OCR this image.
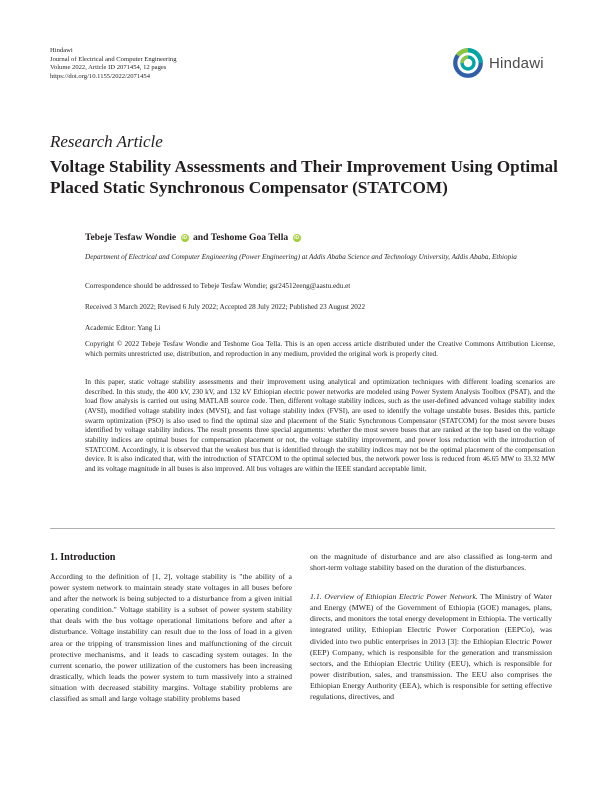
Hindawi
Journal of Electrical and Computer Engineering
Volume 2022, Article ID 2071454, 12 pages
https://doi.org/10.1155/2022/2071454
Hindawi
Research Article
Voltage Stability Assessments and Their Improvement Using Optimal Placed Static Synchronous Compensator (STATCOM)
Tebeje Tesfaw Wondie iD and Teshome Goa Tella iD
Department of Electrical and Computer Engineering (Power Engineering) at Addis Ababa Science and Technology University, Addis Ababa, Ethiopia
Correspondence should be addressed to Tebeje Tesfaw Wondie; gsr24512eeng@aastu.edu.et
Received 3 March 2022; Revised 6 July 2022; Accepted 28 July 2022; Published 23 August 2022
Academic Editor: Yang Li
Copyright © 2022 Tebeje Tesfaw Wondie and Teshome Goa Tella. This is an open access article distributed under the Creative Commons Attribution License, which permits unrestricted use, distribution, and reproduction in any medium, provided the original work is properly cited.
In this paper, static voltage stability assessments and their improvement using analytical and optimization techniques with different loading scenarios are described. In this study, the 400 kV, 230 kV, and 132 kV Ethiopian electric power networks are modeled using Power System Analysis Toolbox (PSAT), and the load flow analysis is carried out using MATLAB source code. Then, different voltage stability indices, such as the user-defined advanced voltage stability index (AVSI), modified voltage stability index (MVSI), and fast voltage stability index (FVSI), are used to identify the voltage unstable buses. Besides this, particle swarm optimization (PSO) is also used to find the optimal size and placement of the Static Synchronous Compensator (STATCOM) for the most severe buses identified by voltage stability indices. The result presents three special arguments: whether the most severe buses that are ranked at the top based on the voltage stability indices are optimal buses for compensation placement or not, the voltage stability improvement, and power loss reduction with the introduction of STATCOM. Accordingly, it is observed that the weakest bus that is identified through the stability indices may not be the optimal placement of the compensation device. It is also indicated that, with the introduction of STATCOM to the optimal selected bus, the network power loss is reduced from 46.65 MW to 33.32 MW and its voltage magnitude in all buses is also improved. All bus voltages are within the IEEE standard acceptable limit.
1. Introduction

According to the definition of [1, 2], voltage stability is "the ability of a power system network to maintain steady state voltages in all buses before and after the network is being subjected to a disturbance from a given initial operating condition." Voltage stability is a subset of power system stability that deals with the bus voltage operational limitations before and after a disturbance. Voltage instability can result due to the loss of load in a given area or the tripping of transmission lines and malfunctioning of the circuit protective mechanisms, and it leads to cascading system outages. In the current scenario, the power utilization of the customers has been increasing drastically, which leads the power system to turn massively into a strained situation with decreased stability margins. Voltage stability problems are classified as small and large voltage stability problems based

on the magnitude of disturbance and are also classified as long-term and short-term voltage stability based on the duration of the disturbances.

1.1. Overview of Ethiopian Electric Power Network. The Ministry of Water and Energy (MWE) of the Government of Ethiopia (GOE) manages, plans, directs, and monitors the total energy development in Ethiopia. The vertically integrated utility, Ethiopian Electric Power Corporation (EEPCo), was divided into two public enterprises in 2013 [3]: the Ethiopian Electric Power (EEP) Company, which is responsible for the generation and transmission sectors, and the Ethiopian Electric Utility (EEU), which is responsible for power distribution, sales, and transmission. The EEU also comprises the Ethiopian Energy Authority (EEA), which is responsible for setting effective regulations, directives, and
